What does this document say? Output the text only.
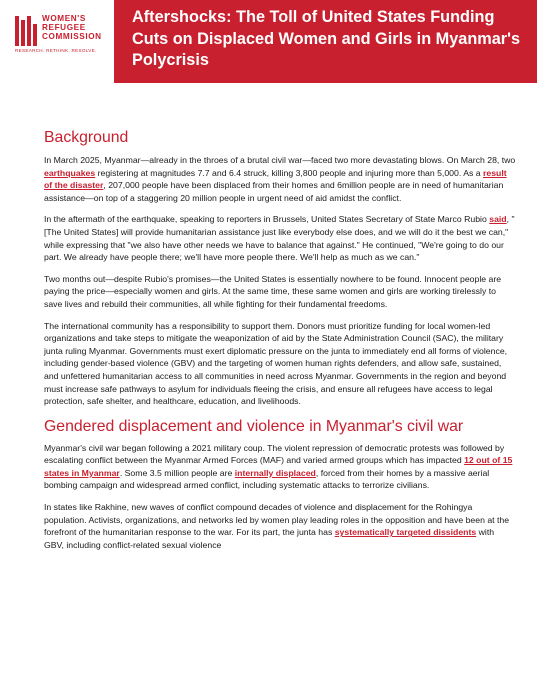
WOMEN'S
REFUGEE
COMMISSION
RESEARCH. RETHINK. RESOLVE.
Aftershocks: The Toll of United States Funding Cuts on Displaced Women and Girls in Myanmar's Polycrisis
Background

In March 2025, Myanmar—already in the throes of a brutal civil war—faced two more devastating blows. On March 28, two earthquakes registering at magnitudes 7.7 and 6.4 struck, killing 3,800 people and injuring more than 5,000. As a result of the disaster, 207,000 people have been displaced from their homes and 6million people are in need of humanitarian assistance—on top of a staggering 20 million people in urgent need of aid amidst the conflict.

In the aftermath of the earthquake, speaking to reporters in Brussels, United States Secretary of State Marco Rubio said, "[The United States] will provide humanitarian assistance just like everybody else does, and we will do it the best we can," while expressing that "we also have other needs we have to balance that against." He continued, "We're going to do our part. We already have people there; we'll have more people there. We'll help as much as we can."

Two months out—despite Rubio's promises—the United States is essentially nowhere to be found. Innocent people are paying the price—especially women and girls. At the same time, these same women and girls are working tirelessly to save lives and rebuild their communities, all while fighting for their fundamental freedoms.

The international community has a responsibility to support them. Donors must prioritize funding for local women-led organizations and take steps to mitigate the weaponization of aid by the State Administration Council (SAC), the military junta ruling Myanmar. Governments must exert diplomatic pressure on the junta to immediately end all forms of violence, including gender-based violence (GBV) and the targeting of women human rights defenders, and allow safe, sustained, and unfettered humanitarian access to all communities in need across Myanmar. Governments in the region and beyond must increase safe pathways to asylum for individuals fleeing the crisis, and ensure all refugees have access to legal protection, safe shelter, and healthcare, education, and livelihoods.

Gendered displacement and violence in Myanmar's civil war

Myanmar's civil war began following a 2021 military coup. The violent repression of democratic protests was followed by escalating conflict between the Myanmar Armed Forces (MAF) and varied armed groups which has impacted 12 out of 15 states in Myanmar. Some 3.5 million people are internally displaced, forced from their homes by a massive aerial bombing campaign and widespread armed conflict, including systematic attacks to terrorize civilians.

In states like Rakhine, new waves of conflict compound decades of violence and displacement for the Rohingya population. Activists, organizations, and networks led by women play leading roles in the opposition and have been at the forefront of the humanitarian response to the war. For its part, the junta has systematically targeted dissidents with GBV, including conflict-related sexual violence
